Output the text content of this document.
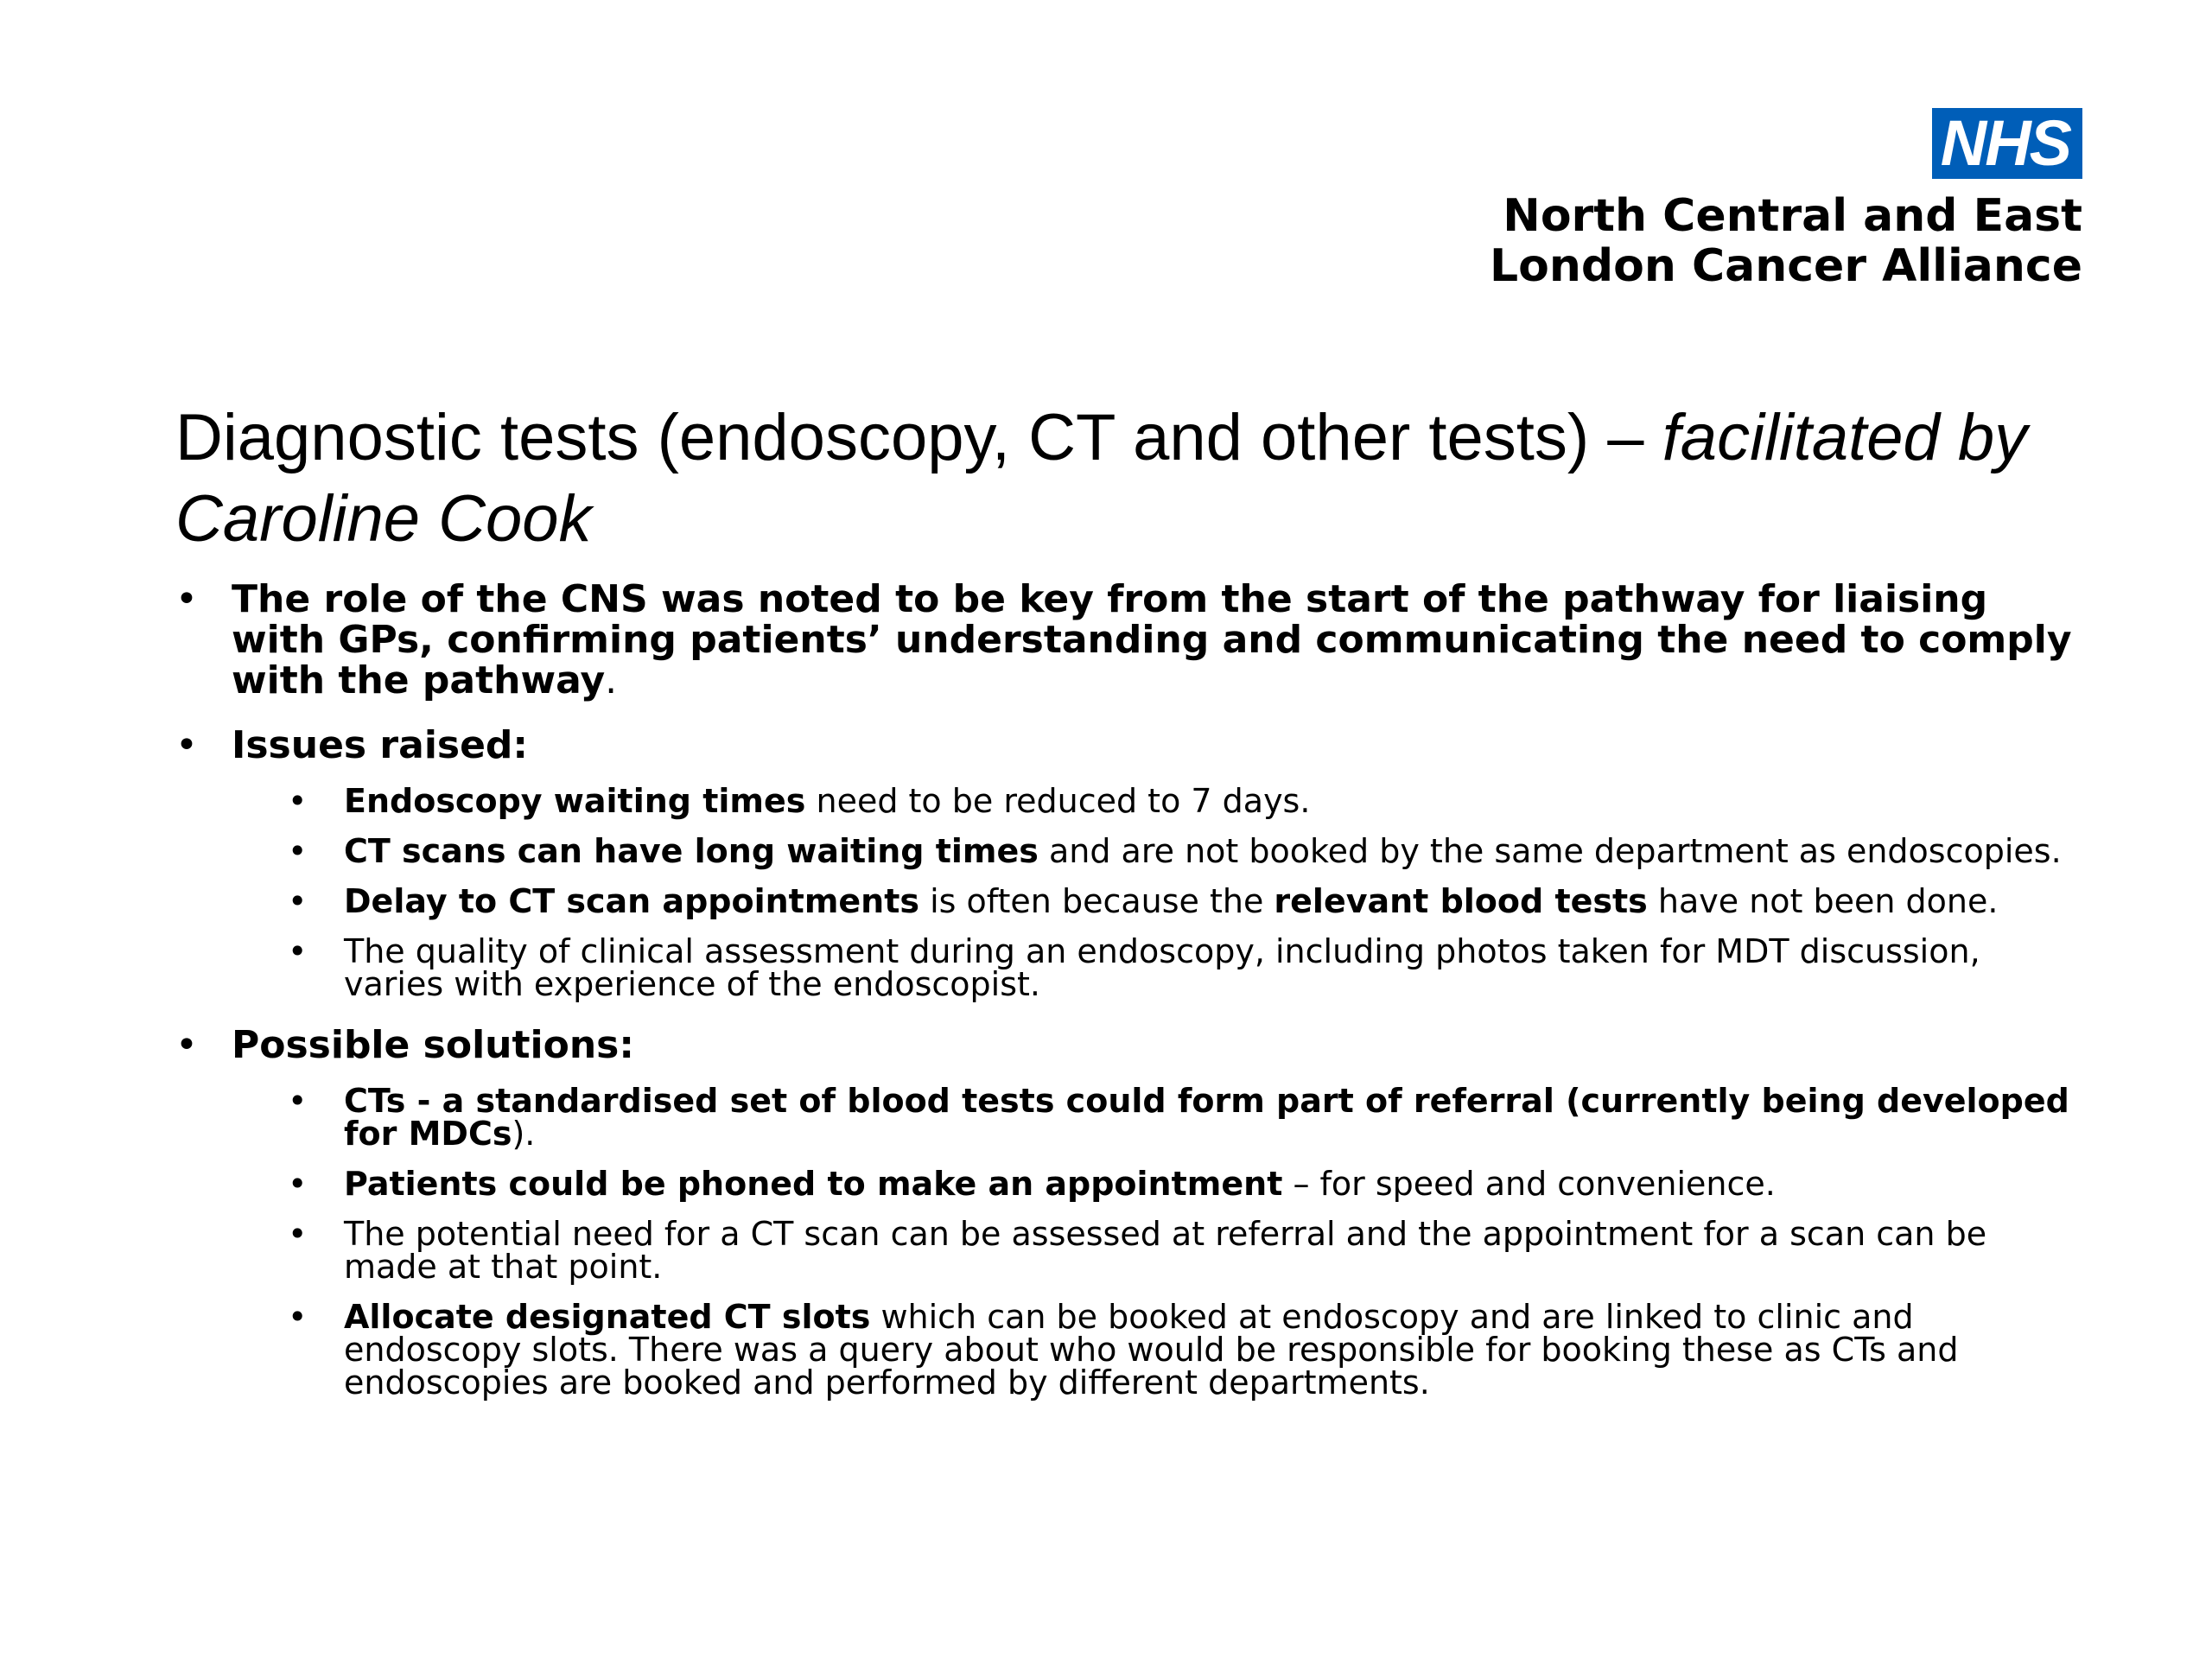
NHS
North Central and East
London Cancer Alliance
Diagnostic tests (endoscopy, CT and other tests) – facilitated by Caroline Cook
• The role of the CNS was noted to be key from the start of the pathway for liaising with GPs, confirming patients’ understanding and communicating the need to comply with the pathway.
• Issues raised:
• Endoscopy waiting times need to be reduced to 7 days.
• CT scans can have long waiting times and are not booked by the same department as endoscopies.
• Delay to CT scan appointments is often because the relevant blood tests have not been done.
• The quality of clinical assessment during an endoscopy, including photos taken for MDT discussion, varies with experience of the endoscopist.
• Possible solutions:
• CTs - a standardised set of blood tests could form part of referral (currently being developed for MDCs).
• Patients could be phoned to make an appointment – for speed and convenience.
• The potential need for a CT scan can be assessed at referral and the appointment for a scan can be made at that point.
• Allocate designated CT slots which can be booked at endoscopy and are linked to clinic and endoscopy slots. There was a query about who would be responsible for booking these as CTs and endoscopies are booked and performed by different departments.
